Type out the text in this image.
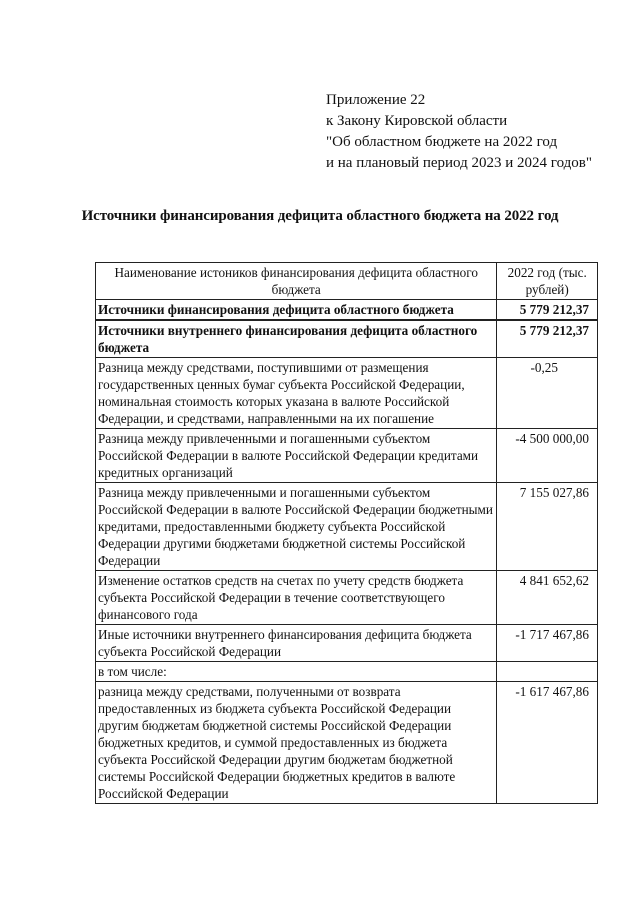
Приложение 22
к Закону Кировской области
"Об областном бюджете на 2022 год
и на плановый период 2023 и 2024 годов"
Источники финансирования дефицита областного бюджета на 2022 год
Наименование истоников финансирования дефицита областного бюджета	2022 год (тыс. рублей)
Источники финансирования дефицита областного бюджета	5 779 212,37
Источники внутреннего финансирования дефицита областного бюджета	5 779 212,37
Разница между средствами, поступившими от размещения государственных ценных бумаг субъекта Российской Федерации, номинальная стоимость которых указана в валюте Российской Федерации, и средствами, направленными на их погашение	-0,25
Разница между привлеченными и погашенными субъектом Российской Федерации в валюте Российской Федерации кредитами кредитных организаций	-4 500 000,00
Разница между привлеченными и погашенными субъектом Российской Федерации в валюте Российской Федерации бюджетными кредитами, предоставленными бюджету субъекта Российской Федерации другими бюджетами бюджетной системы Российской Федерации	7 155 027,86
Изменение остатков средств на счетах по учету средств бюджета субъекта Российской Федерации в течение соответствующего финансового года	4 841 652,62
Иные источники внутреннего финансирования дефицита бюджета субъекта Российской Федерации	-1 717 467,86
в том числе:	
разница между средствами, полученными от возврата предоставленных из бюджета субъекта Российской Федерации другим бюджетам бюджетной системы Российской Федерации бюджетных кредитов, и суммой предоставленных из бюджета субъекта Российской Федерации другим бюджетам бюджетной системы Российской Федерации бюджетных кредитов в валюте Российской Федерации	-1 617 467,86
